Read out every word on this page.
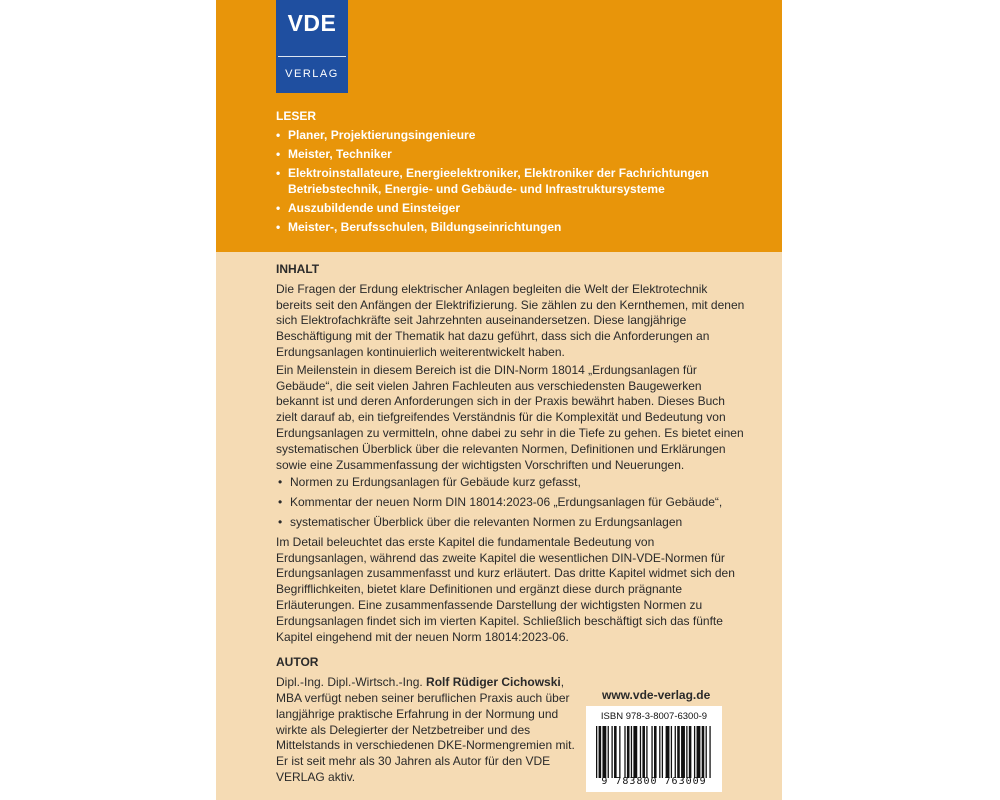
VDE
VERLAG
LESER
• Planer, Projektierungsingenieure
• Meister, Techniker
• Elektroinstallateure, Energieelektroniker, Elektroniker der Fachrichtungen Betriebstechnik, Energie- und Gebäude- und Infrastruktursysteme
• Auszubildende und Einsteiger
• Meister-, Berufsschulen, Bildungseinrichtungen
INHALT

Die Fragen der Erdung elektrischer Anlagen begleiten die Welt der Elektrotechnik bereits seit den Anfängen der Elektrifizierung. Sie zählen zu den Kernthemen, mit denen sich Elektrofachkräfte seit Jahrzehnten auseinandersetzen. Diese langjährige Beschäftigung mit der Thematik hat dazu geführt, dass sich die Anforderungen an Erdungsanlagen kontinuierlich weiterentwickelt haben.

Ein Meilenstein in diesem Bereich ist die DIN-Norm 18014 „Erdungsanlagen für Gebäude“, die seit vielen Jahren Fachleuten aus verschiedensten Baugewerken bekannt ist und deren Anforderungen sich in der Praxis bewährt haben. Dieses Buch zielt darauf ab, ein tiefgreifendes Verständnis für die Komplexität und Bedeutung von Erdungsanlagen zu vermitteln, ohne dabei zu sehr in die Tiefe zu gehen. Es bietet einen systematischen Überblick über die relevanten Normen, Definitionen und Erklärungen sowie eine Zusammenfassung der wichtigsten Vorschriften und Neuerungen.

• Normen zu Erdungsanlagen für Gebäude kurz gefasst,
• Kommentar der neuen Norm DIN 18014:2023-06 „Erdungsanlagen für Gebäude“,
• systematischer Überblick über die relevanten Normen zu Erdungsanlagen

Im Detail beleuchtet das erste Kapitel die fundamentale Bedeutung von Erdungsanlagen, während das zweite Kapitel die wesentlichen DIN-VDE-Normen für Erdungsanlagen zusammenfasst und kurz erläutert. Das dritte Kapitel widmet sich den Begrifflichkeiten, bietet klare Definitionen und ergänzt diese durch prägnante Erläuterungen. Eine zusammenfassende Darstellung der wichtigsten Normen zu Erdungsanlagen findet sich im vierten Kapitel. Schließlich beschäftigt sich das fünfte Kapitel eingehend mit der neuen Norm 18014:2023-06.

AUTOR
Dipl.-Ing. Dipl.-Wirtsch.-Ing. Rolf Rüdiger Cichowski, MBA verfügt neben seiner beruflichen Praxis auch über langjährige praktische Erfahrung in der Normung und wirkte als Delegierter der Netzbetreiber und des Mittelstands in verschiedenen DKE-Normengremien mit. Er ist seit mehr als 30 Jahren als Autor für den VDE VERLAG aktiv.
www.vde-verlag.de
ISBN 978-3-8007-6300-9
9 783800 763009
